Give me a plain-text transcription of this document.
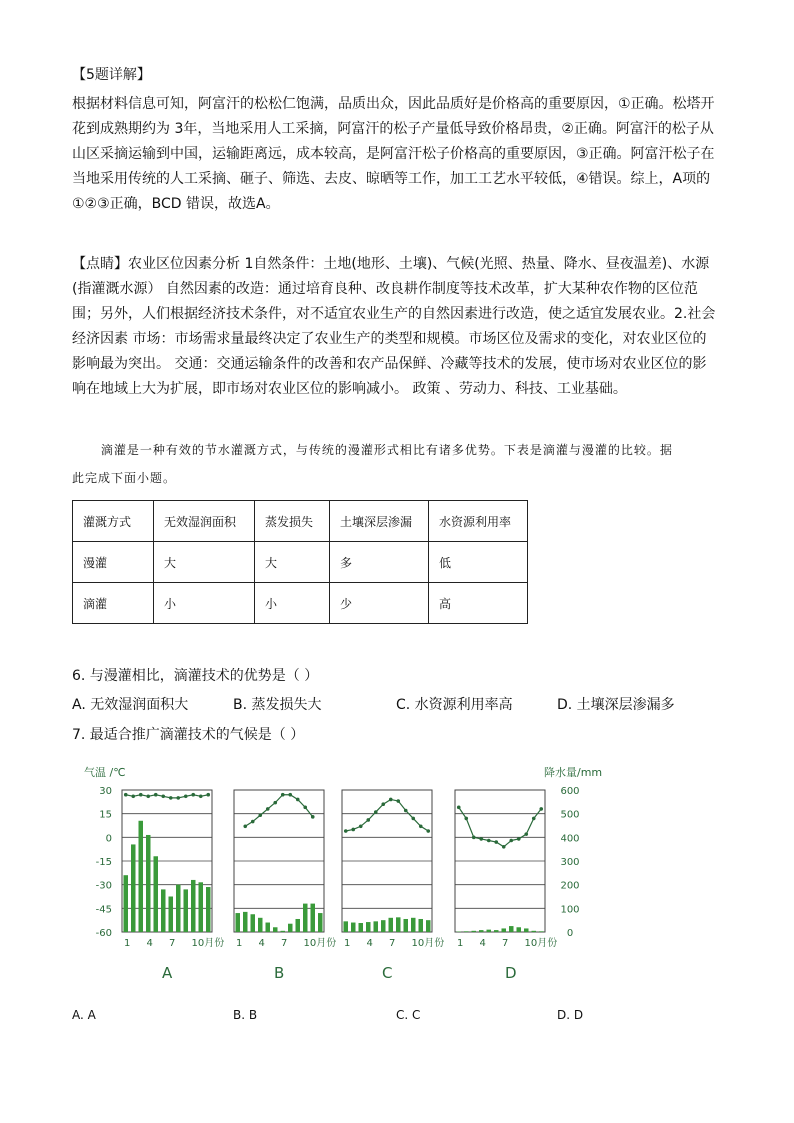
【5题详解】

根据材料信息可知，阿富汗的松松仁饱满，品质出众，因此品质好是价格高的重要原因，①正确。松塔开

花到成熟期约为 3年，当地采用人工采摘，阿富汗的松子产量低导致价格昂贵，②正确。阿富汗的松子从

山区采摘运输到中国，运输距离远，成本较高，是阿富汗松子价格高的重要原因，③正确。阿富汗松子在

当地采用传统的人工采摘、砸子、筛选、去皮、晾晒等工作，加工工艺水平较低，④错误。综上，A项的

①②③正确，BCD 错误，故选A。

【点睛】农业区位因素分析 1自然条件：土地(地形、土壤)、气候(光照、热量、降水、昼夜温差)、水源

(指灌溉水源） 自然因素的改造：通过培育良种、改良耕作制度等技术改革，扩大某种农作物的区位范

围；另外，人们根据经济技术条件，对不适宜农业生产的自然因素进行改造，使之适宜发展农业。2.社会

经济因素 市场：市场需求量最终决定了农业生产的类型和规模。市场区位及需求的变化，对农业区位的

影响最为突出。 交通：交通运输条件的改善和农产品保鲜、冷藏等技术的发展，使市场对农业区位的影

响在地域上大为扩展，即市场对农业区位的影响减小。 政策 、劳动力、科技、工业基础。

滴灌是一种有效的节水灌溉方式，与传统的漫灌形式相比有诸多优势。下表是滴灌与漫灌的比较。据
此完成下面小题。
灌溉方式	无效湿润面积	蒸发损失	土壤深层渗漏	水资源利用率
漫灌	大	大	多	低
滴灌	小	小	少	高
6. 与漫灌相比，滴灌技术的优势是（ ）
A. 无效湿润面积大	B. 蒸发损失大	C. 水资源利用率高	D. 土壤深层渗漏多
7. 最适合推广滴灌技术的气候是（ ）
气温 /℃	降水量/mm
30
15
0
-15
-30
-45
-60
600
500
400
300
200
100
0
1 4 7 10月份
A
1 4 7 10月份
B
1 4 7 10月份
C
1 4 7 10月份
D
A. A	B. B	C. C	D. D
